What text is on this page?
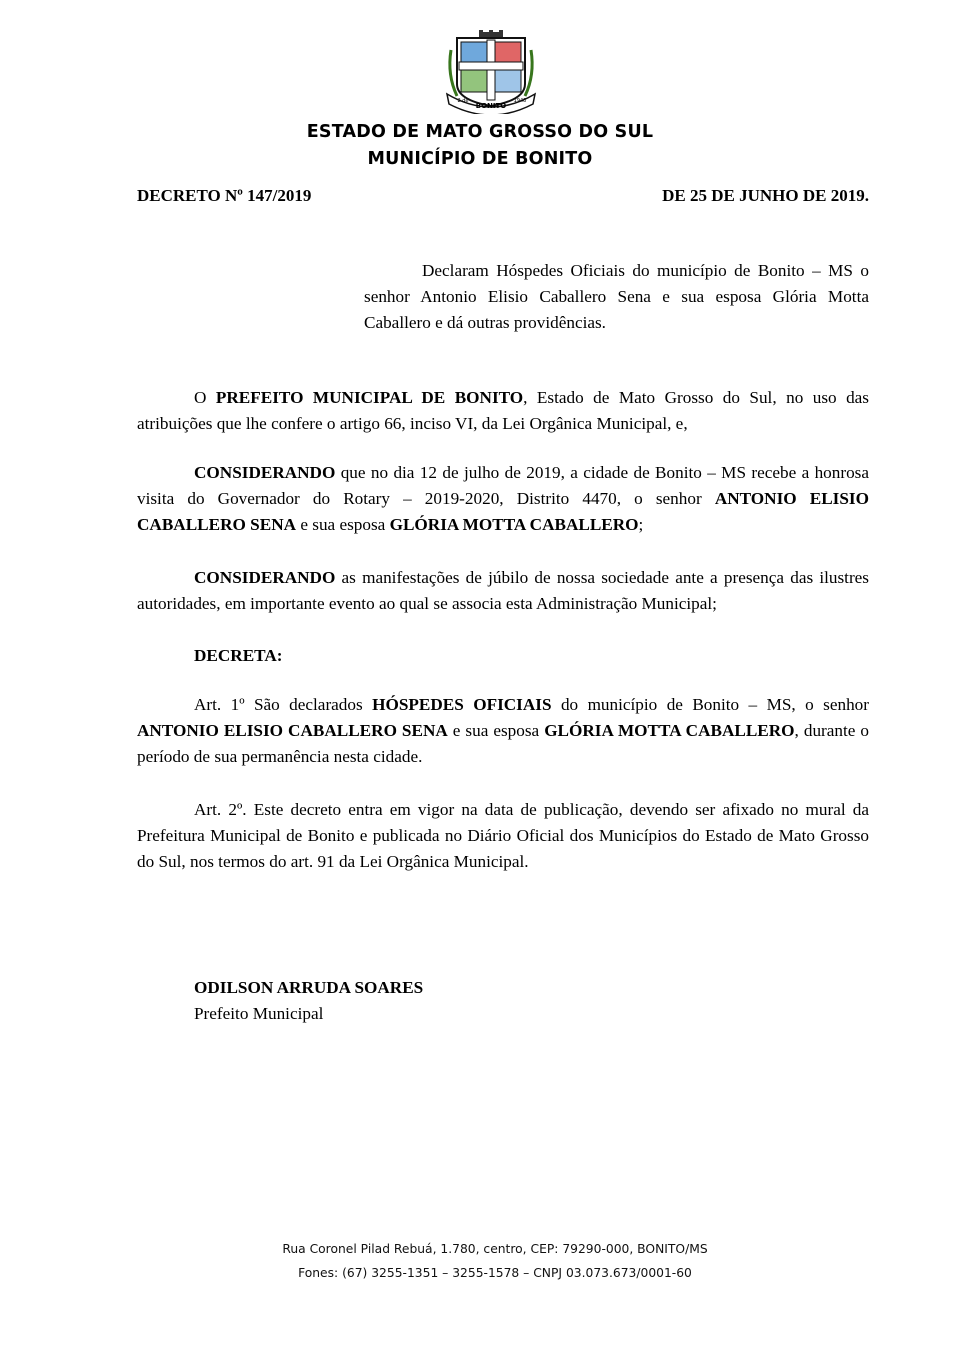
BONITO
2 de	1948
ESTADO DE MATO GROSSO DO SUL
MUNICÍPIO DE BONITO
DECRETO Nº 147/2019	DE 25 DE JUNHO DE 2019.
Declaram Hóspedes Oficiais do município de Bonito – MS o senhor Antonio Elisio Caballero Sena e sua esposa Glória Motta Caballero e dá outras providências.
O PREFEITO MUNICIPAL DE BONITO, Estado de Mato Grosso do Sul, no uso das atribuições que lhe confere o artigo 66, inciso VI, da Lei Orgânica Municipal, e,
CONSIDERANDO que no dia 12 de julho de 2019, a cidade de Bonito – MS recebe a honrosa visita do Governador do Rotary – 2019-2020, Distrito 4470, o senhor ANTONIO ELISIO CABALLERO SENA e sua esposa GLÓRIA MOTTA CABALLERO;
CONSIDERANDO as manifestações de júbilo de nossa sociedade ante a presença das ilustres autoridades, em importante evento ao qual se associa esta Administração Municipal;
DECRETA:
Art. 1º São declarados HÓSPEDES OFICIAIS do município de Bonito – MS, o senhor ANTONIO ELISIO CABALLERO SENA e sua esposa GLÓRIA MOTTA CABALLERO, durante o período de sua permanência nesta cidade.
Art. 2º. Este decreto entra em vigor na data de publicação, devendo ser afixado no mural da Prefeitura Municipal de Bonito e publicada no Diário Oficial dos Municípios do Estado de Mato Grosso do Sul, nos termos do art. 91 da Lei Orgânica Municipal.
ODILSON ARRUDA SOARES
Prefeito Municipal
Rua Coronel Pilad Rebuá, 1.780, centro, CEP: 79290-000, BONITO/MS
Fones: (67) 3255-1351 – 3255-1578 – CNPJ 03.073.673/0001-60
